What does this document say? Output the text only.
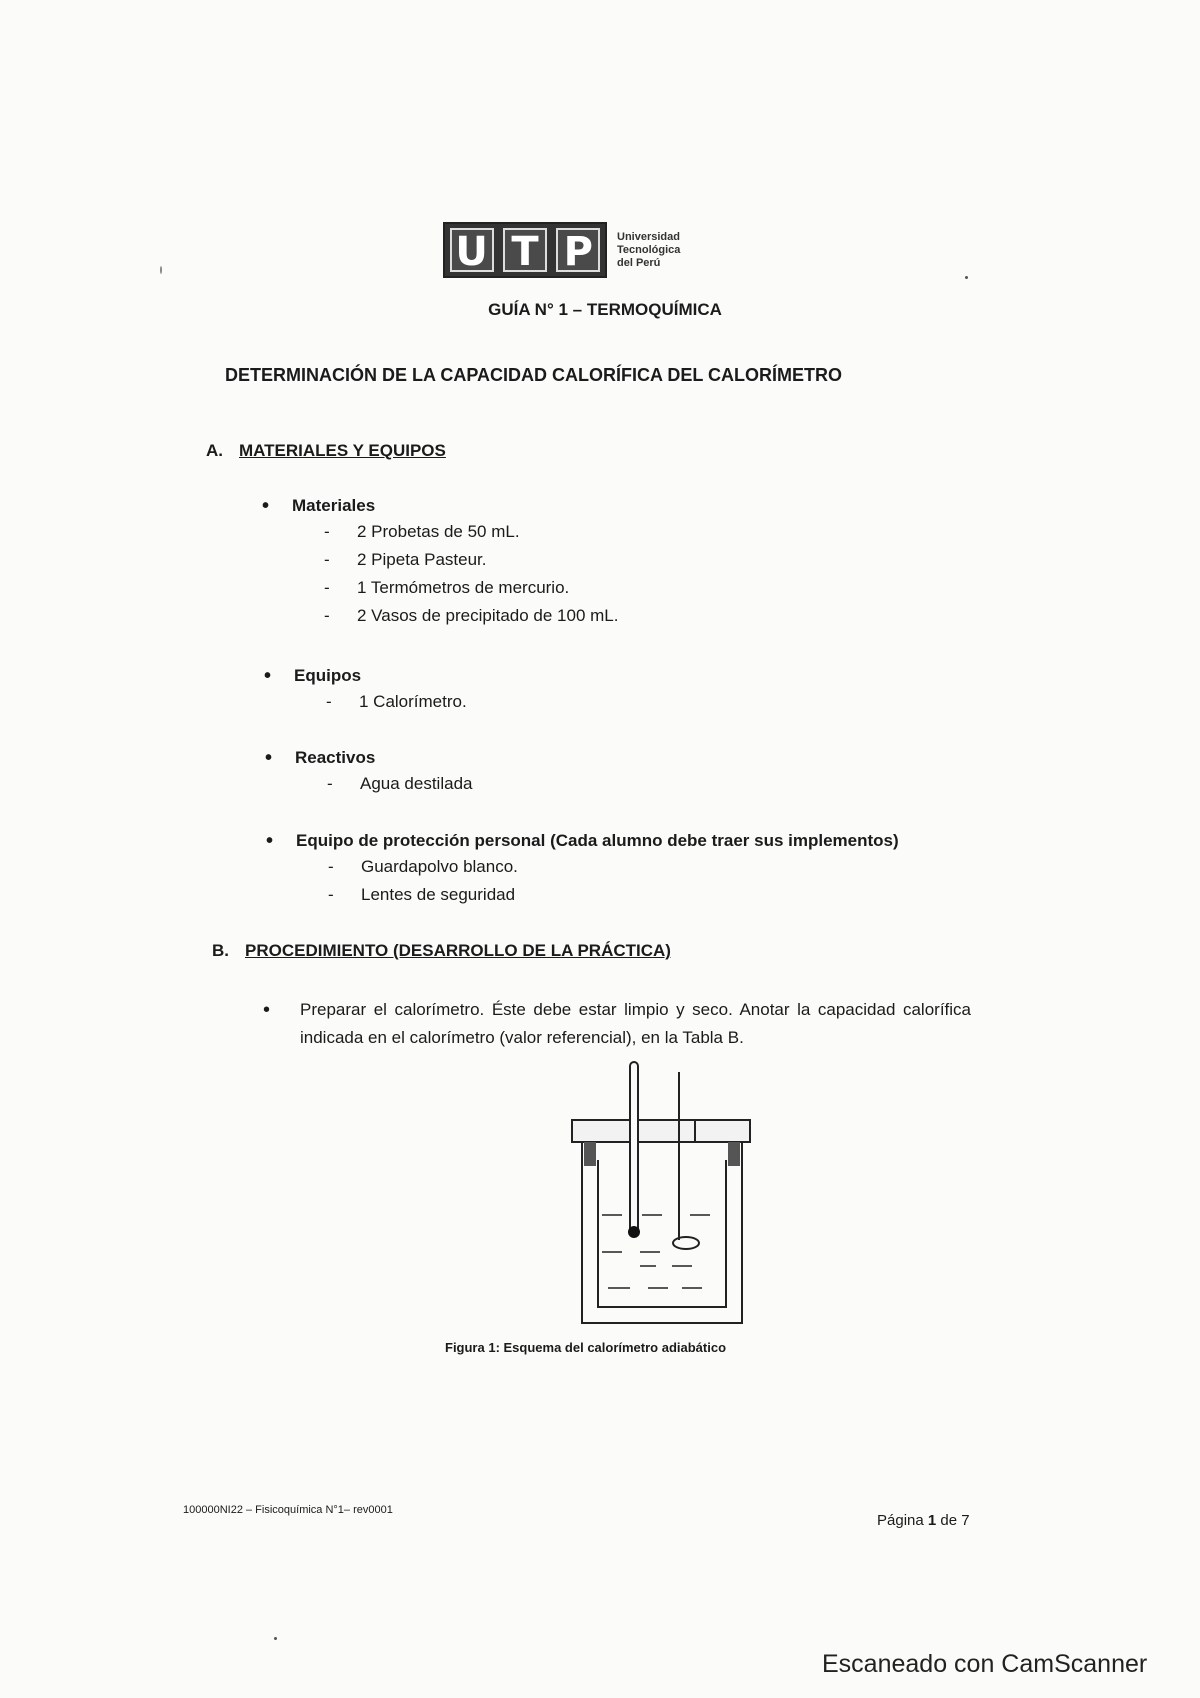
U T P	Universidad
Tecnológica
del Perú
GUÍA N° 1 – TERMOQUÍMICA
DETERMINACIÓN DE LA CAPACIDAD CALORÍFICA DEL CALORÍMETRO
A. MATERIALES Y EQUIPOS
• Materiales
- 2 Probetas de 50 mL.
- 2 Pipeta Pasteur.
- 1 Termómetros de mercurio.
- 2 Vasos de precipitado de 100 mL.
• Equipos
- 1 Calorímetro.
• Reactivos
- Agua destilada
• Equipo de protección personal (Cada alumno debe traer sus implementos)
- Guardapolvo blanco.
- Lentes de seguridad
B. PROCEDIMIENTO (DESARROLLO DE LA PRÁCTICA)
• Preparar el calorímetro. Éste debe estar limpio y seco. Anotar la capacidad calorífica indicada en el calorímetro (valor referencial), en la Tabla B.
Figura 1: Esquema del calorímetro adiabático
100000NI22 – Fisicoquímica N°1– rev0001
Página 1 de 7
Escaneado con CamScanner
